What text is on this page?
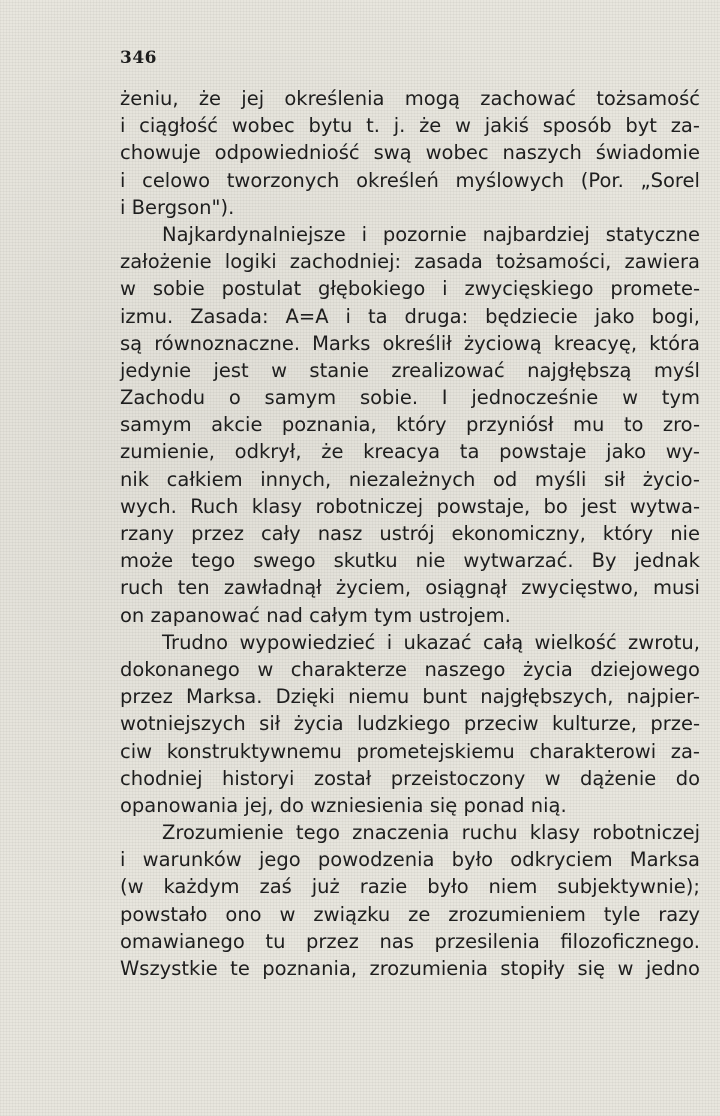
346
żeniu, że jej określenia mogą zachować tożsamość
i ciągłość wobec bytu t. j. że w jakiś sposób byt za-
chowuje odpowiedniość swą wobec naszych świadomie
i celowo tworzonych określeń myślowych (Por. „Sorel
i Bergson").
Najkardynalniejsze i pozornie najbardziej statyczne
założenie logiki zachodniej: zasada tożsamości, zawiera
w sobie postulat głębokiego i zwycięskiego promete-
izmu. Zasada: A=A i ta druga: będziecie jako bogi,
są równoznaczne. Marks określił życiową kreacyę, która
jedynie jest w stanie zrealizować najgłębszą myśl
Zachodu o samym sobie. I jednocześnie w tym
samym akcie poznania, który przyniósł mu to zro-
zumienie, odkrył, że kreacya ta powstaje jako wy-
nik całkiem innych, niezależnych od myśli sił życio-
wych. Ruch klasy robotniczej powstaje, bo jest wytwa-
rzany przez cały nasz ustrój ekonomiczny, który nie
może tego swego skutku nie wytwarzać. By jednak
ruch ten zawładnął życiem, osiągnął zwycięstwo, musi
on zapanować nad całym tym ustrojem.
Trudno wypowiedzieć i ukazać całą wielkość zwrotu,
dokonanego w charakterze naszego życia dziejowego
przez Marksa. Dzięki niemu bunt najgłębszych, najpier-
wotniejszych sił życia ludzkiego przeciw kulturze, prze-
ciw konstruktywnemu prometejskiemu charakterowi za-
chodniej historyi został przeistoczony w dążenie do
opanowania jej, do wzniesienia się ponad nią.
Zrozumienie tego znaczenia ruchu klasy robotniczej
i warunków jego powodzenia było odkryciem Marksa
(w każdym zaś już razie było niem subjektywnie);
powstało ono w związku ze zrozumieniem tyle razy
omawianego tu przez nas przesilenia filozoficznego.
Wszystkie te poznania, zrozumienia stopiły się w jedno
